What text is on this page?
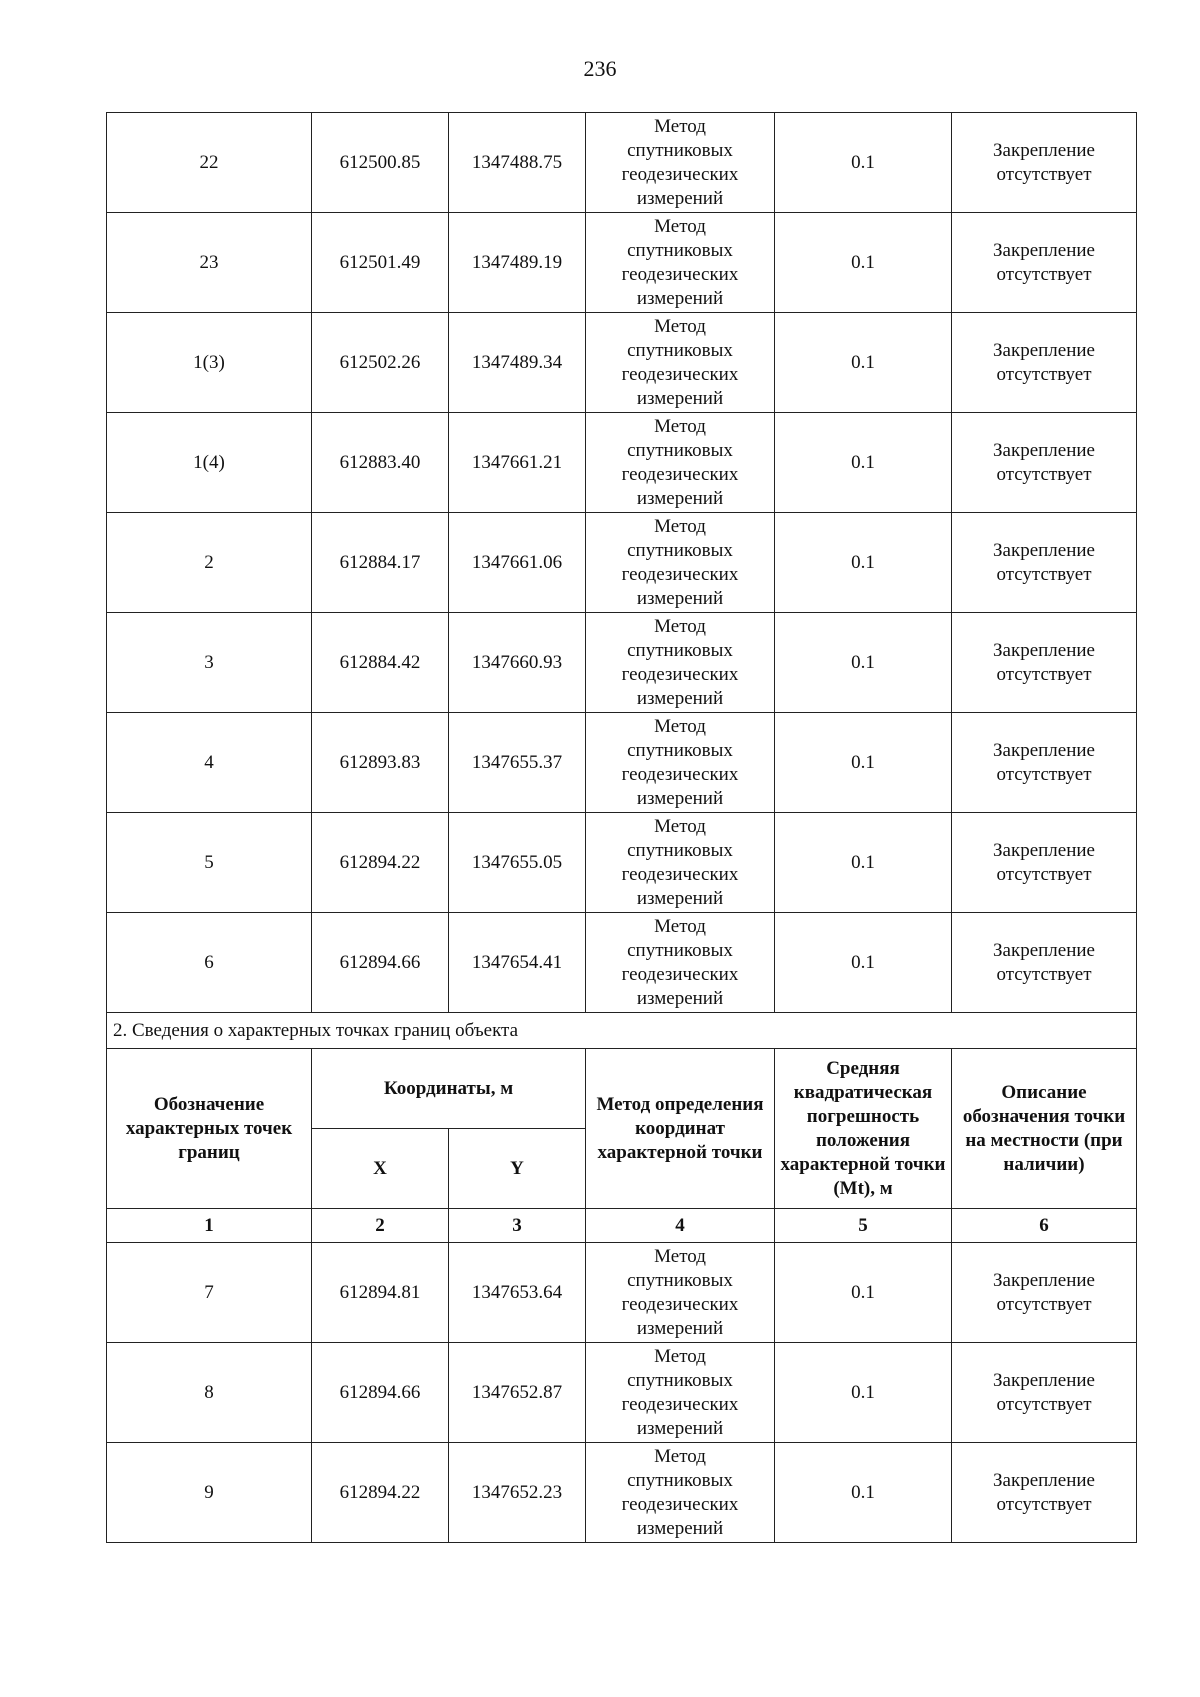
236
22	612500.85	1347488.75	Метод
спутниковых
геодезических
измерений	0.1	Закрепление
отсутствует

23	612501.49	1347489.19	Метод
спутниковых
геодезических
измерений	0.1	Закрепление
отсутствует

1(3)	612502.26	1347489.34	Метод
спутниковых
геодезических
измерений	0.1	Закрепление
отсутствует

1(4)	612883.40	1347661.21	Метод
спутниковых
геодезических
измерений	0.1	Закрепление
отсутствует

2	612884.17	1347661.06	Метод
спутниковых
геодезических
измерений	0.1	Закрепление
отсутствует

3	612884.42	1347660.93	Метод
спутниковых
геодезических
измерений	0.1	Закрепление
отсутствует

4	612893.83	1347655.37	Метод
спутниковых
геодезических
измерений	0.1	Закрепление
отсутствует

5	612894.22	1347655.05	Метод
спутниковых
геодезических
измерений	0.1	Закрепление
отсутствует

6	612894.66	1347654.41	Метод
спутниковых
геодезических
измерений	0.1	Закрепление
отсутствует

2. Сведения о характерных точках границ объекта					
Обозначение характерных точек границ	Координаты, м		Метод определения координат характерной точки	Средняя квадратическая погрешность положения характерной точки (Mt), м	Описание обозначения точки на местности (при наличии)
	X	Y			
1	2	3	4	5	6
7	612894.81	1347653.64	Метод
спутниковых
геодезических
измерений	0.1	Закрепление
отсутствует

8	612894.66	1347652.87	Метод
спутниковых
геодезических
измерений	0.1	Закрепление
отсутствует

9	612894.22	1347652.23	Метод
спутниковых
геодезических
измерений	0.1	Закрепление
отсутствует
